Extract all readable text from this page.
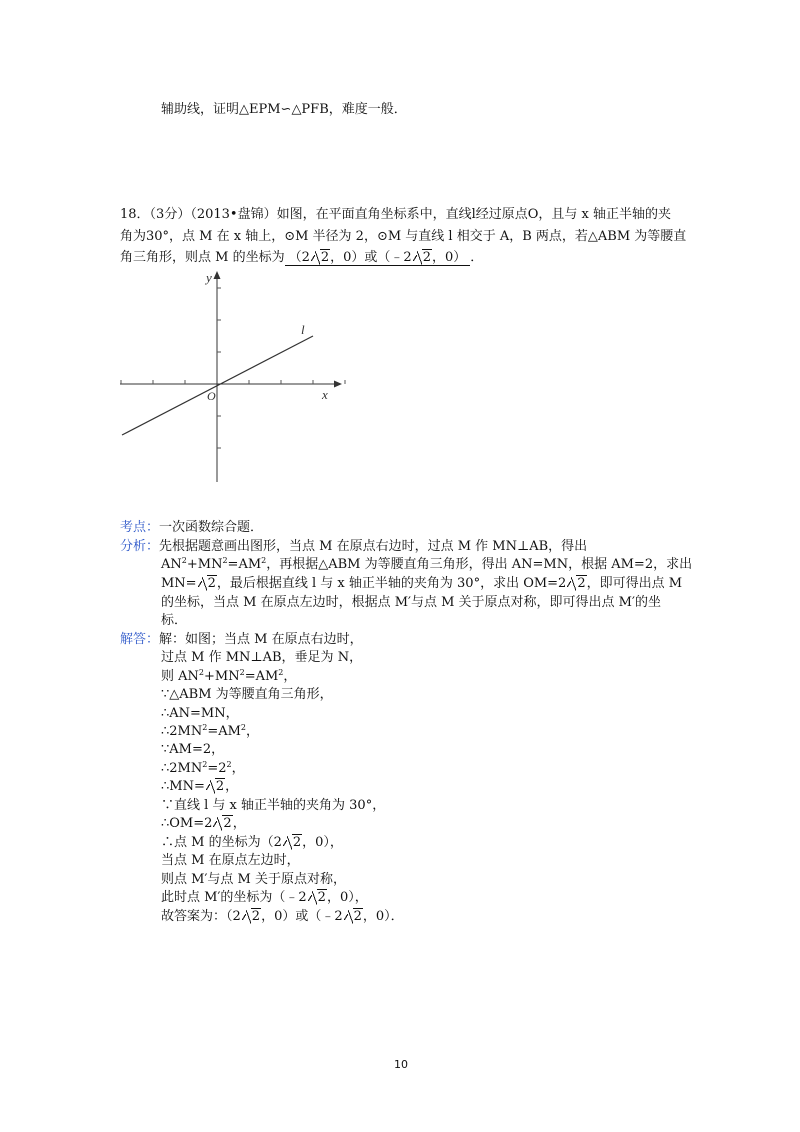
辅助线，证明△EPM∽△PFB，难度一般．
18．（3分）（2013•盘锦）如图，在平面直角坐标系中，直线l经过原点O，且与 x 轴正半轴的夹
角为30°，点 M 在 x 轴上，⊙M 半径为 2，⊙M 与直线 l 相交于 A，B 两点，若△ABM 为等腰直
角三角形，则点 M 的坐标为 （2 2，0）或（﹣2 2，0） ．
y
x
O
l
考点：一次函数综合题．
分析：先根据题意画出图形，当点 M 在原点右边时，过点 M 作 MN⊥AB，得出
$AN^2+MN^2=AM^2$，再根据△ABM 为等腰直角三角形，得出 AN=MN，根据 AM=2，求出
MN= 2，最后根据直线 l 与 x 轴正半轴的夹角为 30°，求出 OM=2 2，即可得出点 M
的坐标，当点 M 在原点左边时，根据点 M′与点 M 关于原点对称，即可得出点 M′的坐
标．
解答：解：如图；当点 M 在原点右边时，
过点 M 作 MN⊥AB，垂足为 N，
则 $AN^2+MN^2=AM^2$，
∵△ABM 为等腰直角三角形，
∴AN=MN，
$\therefore 2MN^2=AM^2$，
∵AM=2，
$\therefore 2MN^2=2^2$，
∴MN= 2，
∵直线 l 与 x 轴正半轴的夹角为 30°，
∴OM=2 2，
∴点 M 的坐标为（2 2，0），
当点 M 在原点左边时，
则点 M′与点 M 关于原点对称，
此时点 M′的坐标为（﹣2 2，0），
故答案为：（2 2，0）或（﹣2 2，0）．
10
